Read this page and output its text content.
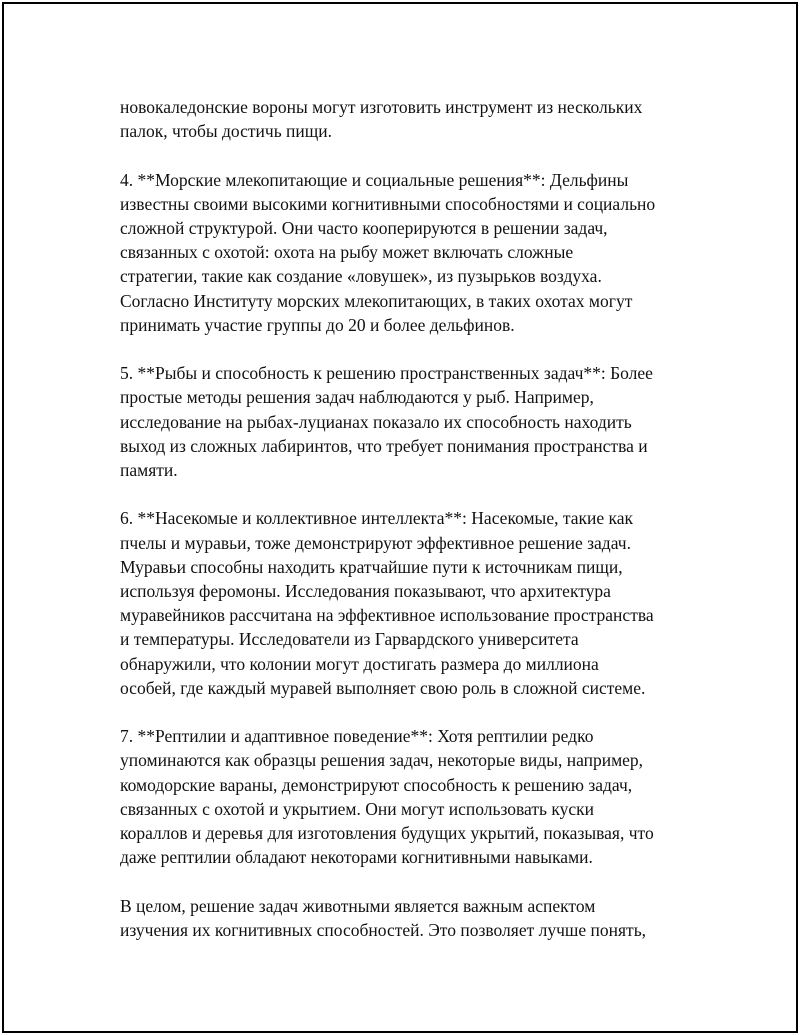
новокаледонские вороны могут изготовить инструмент из нескольких
палок, чтобы достичь пищи.

4. **Морские млекопитающие и социальные решения**: Дельфины
известны своими высокими когнитивными способностями и социально
сложной структурой. Они часто кооперируются в решении задач,
связанных с охотой: охота на рыбу может включать сложные
стратегии, такие как создание «ловушек», из пузырьков воздуха.
Согласно Институту морских млекопитающих, в таких охотах могут
принимать участие группы до 20 и более дельфинов.

5. **Рыбы и способность к решению пространственных задач**: Более
простые методы решения задач наблюдаются у рыб. Например,
исследование на рыбах-луцианах показало их способность находить
выход из сложных лабиринтов, что требует понимания пространства и
памяти.

6. **Насекомые и коллективное интеллекта**: Насекомые, такие как
пчелы и муравьи, тоже демонстрируют эффективное решение задач.
Муравьи способны находить кратчайшие пути к источникам пищи,
используя феромоны. Исследования показывают, что архитектура
муравейников рассчитана на эффективное использование пространства
и температуры. Исследователи из Гарвардского университета
обнаружили, что колонии могут достигать размера до миллиона
особей, где каждый муравей выполняет свою роль в сложной системе.

7. **Рептилии и адаптивное поведение**: Хотя рептилии редко
упоминаются как образцы решения задач, некоторые виды, например,
комодорские вараны, демонстрируют способность к решению задач,
связанных с охотой и укрытием. Они могут использовать куски
кораллов и деревья для изготовления будущих укрытий, показывая, что
даже рептилии обладают некоторами когнитивными навыками.

В целом, решение задач животными является важным аспектом
изучения их когнитивных способностей. Это позволяет лучше понять,
